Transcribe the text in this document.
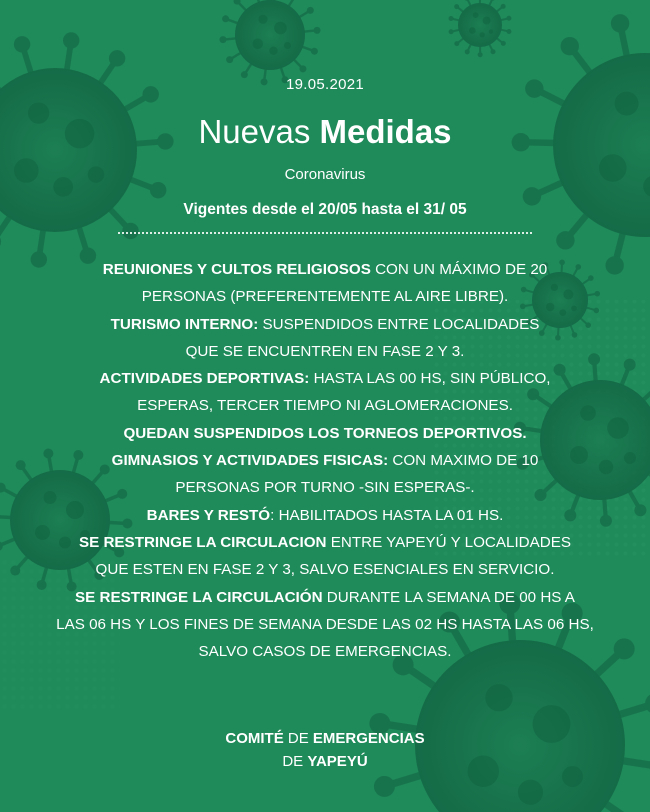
19.05.2021
Nuevas Medidas
Coronavirus
Vigentes desde el 20/05 hasta el 31/ 05
REUNIONES Y CULTOS RELIGIOSOS CON UN MÁXIMO DE 20
PERSONAS (PREFERENTEMENTE AL AIRE LIBRE).
TURISMO INTERNO: SUSPENDIDOS ENTRE LOCALIDADES
QUE SE ENCUENTREN EN FASE 2 Y 3.
ACTIVIDADES DEPORTIVAS: HASTA LAS 00 HS, SIN PÚBLICO,
ESPERAS, TERCER TIEMPO NI AGLOMERACIONES.
QUEDAN SUSPENDIDOS LOS TORNEOS DEPORTIVOS.
GIMNASIOS Y ACTIVIDADES FISICAS: CON MAXIMO DE 10
PERSONAS POR TURNO -SIN ESPERAS-.
BARES Y RESTÓ: HABILITADOS HASTA LA 01 HS.
SE RESTRINGE LA CIRCULACION ENTRE YAPEYÚ Y LOCALIDADES
QUE ESTEN EN FASE 2 Y 3, SALVO ESENCIALES EN SERVICIO.
SE RESTRINGE LA CIRCULACIÓN DURANTE LA SEMANA DE 00 HS A
LAS 06 HS Y LOS FINES DE SEMANA DESDE LAS 02 HS HASTA LAS 06 HS,
SALVO CASOS DE EMERGENCIAS.
COMITÉ DE EMERGENCIAS
DE YAPEYÚ
